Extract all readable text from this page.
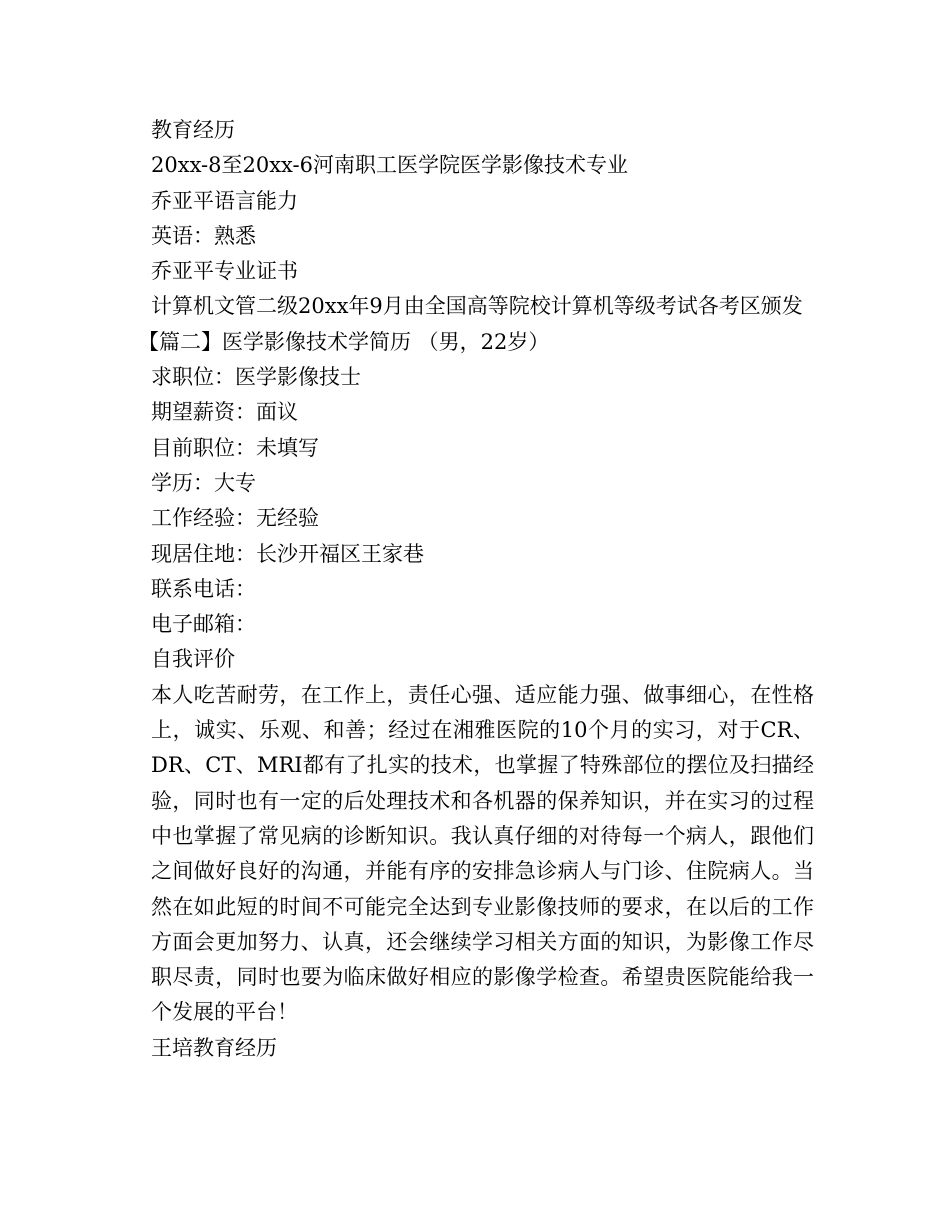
教育经历

20xx-8至20xx-6河南职工医学院医学影像技术专业

乔亚平语言能力

英语：熟悉

乔亚平专业证书

计算机文管二级20xx年9月由全国高等院校计算机等级考试各考区颁发

【篇二】医学影像技术学简历 （男，22岁）

求职位：医学影像技士

期望薪资：面议

目前职位：未填写

学历：大专

工作经验：无经验

现居住地：长沙开福区王家巷

联系电话：

电子邮箱：

自我评价

本人吃苦耐劳，在工作上，责任心强、适应能力强、做事细心，在性格上，诚实、乐观、和善；经过在湘雅医院的10个月的实习，对于CR、DR、CT、MRI都有了扎实的技术，也掌握了特殊部位的摆位及扫描经验，同时也有一定的后处理技术和各机器的保养知识，并在实习的过程中也掌握了常见病的诊断知识。我认真仔细的对待每一个病人，跟他们之间做好良好的沟通，并能有序的安排急诊病人与门诊、住院病人。当然在如此短的时间不可能完全达到专业影像技师的要求，在以后的工作方面会更加努力、认真，还会继续学习相关方面的知识，为影像工作尽职尽责，同时也要为临床做好相应的影像学检查。希望贵医院能给我一个发展的平台！

王培教育经历
